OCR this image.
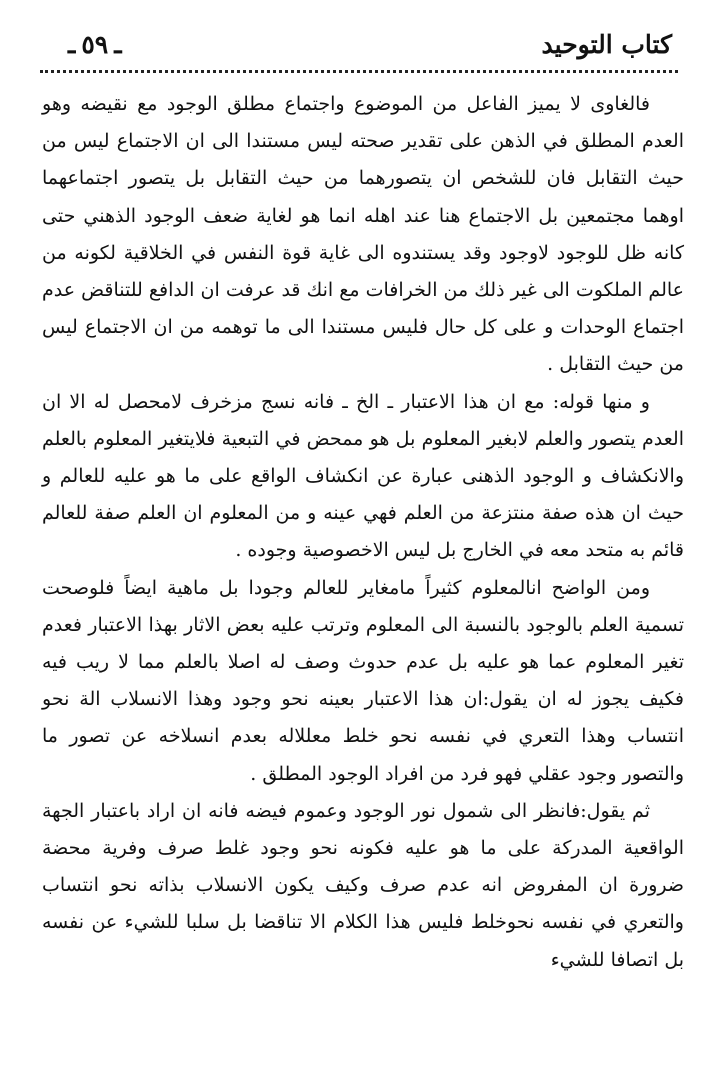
كتاب التوحيد
ـ٥٩ـ

فالغاوى لا يميز الفاعل من الموضوع واجتماع مطلق الوجود مع نقيضه وهو العدم المطلق في الذهن على تقدير صحته ليس مستندا الى ان الاجتماع ليس من حيث التقابل فان للشخص ان يتصورهما من حيث التقابل بل يتصور اجتماعهما اوهما مجتمعين بل الاجتماع هنا عند اهله انما هو لغاية ضعف الوجود الذهني حتى كانه ظل للوجود لاوجود وقد يستندوه الى غاية قوة النفس في الخلاقية لكونه من عالم الملكوت الى غير ذلك من الخرافات مع انك قد عرفت ان الدافع للتناقض عدم اجتماع الوحدات و على كل حال فليس مستندا الى ما توهمه من ان الاجتماع ليس من حيث التقابل .

و منها قوله: مع ان هذا الاعتبار ـ الخ ـ فانه نسج مزخرف لامحصل له الا ان العدم يتصور والعلم لابغير المعلوم بل هو ممحض في التبعية فلايتغير المعلوم بالعلم والانكشاف و الوجود الذهنى عبارة عن انكشاف الواقع على ما هو عليه للعالم و حيث ان هذه صفة منتزعة من العلم فهي عينه و من المعلوم ان العلم صفة للعالم قائم به متحد معه في الخارج بل ليس الاخصوصية وجوده .

ومن الواضح انالمعلوم كثيراً مامغاير للعالم وجودا بل ماهية ايضاً فلوصحت تسمية العلم بالوجود بالنسبة الى المعلوم وترتب عليه بعض الاثار بهذا الاعتبار فعدم تغير المعلوم عما هو عليه بل عدم حدوث وصف له اصلا بالعلم مما لا ريب فيه فكيف يجوز له ان يقول:ان هذا الاعتبار بعينه نحو وجود وهذا الانسلاب الة نحو انتساب وهذا التعري في نفسه نحو خلط معللاله بعدم انسلاخه عن تصور ما والتصور وجود عقلي فهو فرد من افراد الوجود المطلق .

ثم يقول:فانظر الى شمول نور الوجود وعموم فيضه فانه ان اراد باعتبار الجهة الواقعية المدركة على ما هو عليه فكونه نحو وجود غلط صرف وفرية محضة ضرورة ان المفروض انه عدم صرف وكيف يكون الانسلاب بذاته نحو انتساب والتعري في نفسه نحوخلط فليس هذا الكلام الا تناقضا بل سلبا للشيء عن نفسه بل اتصافا للشيء
